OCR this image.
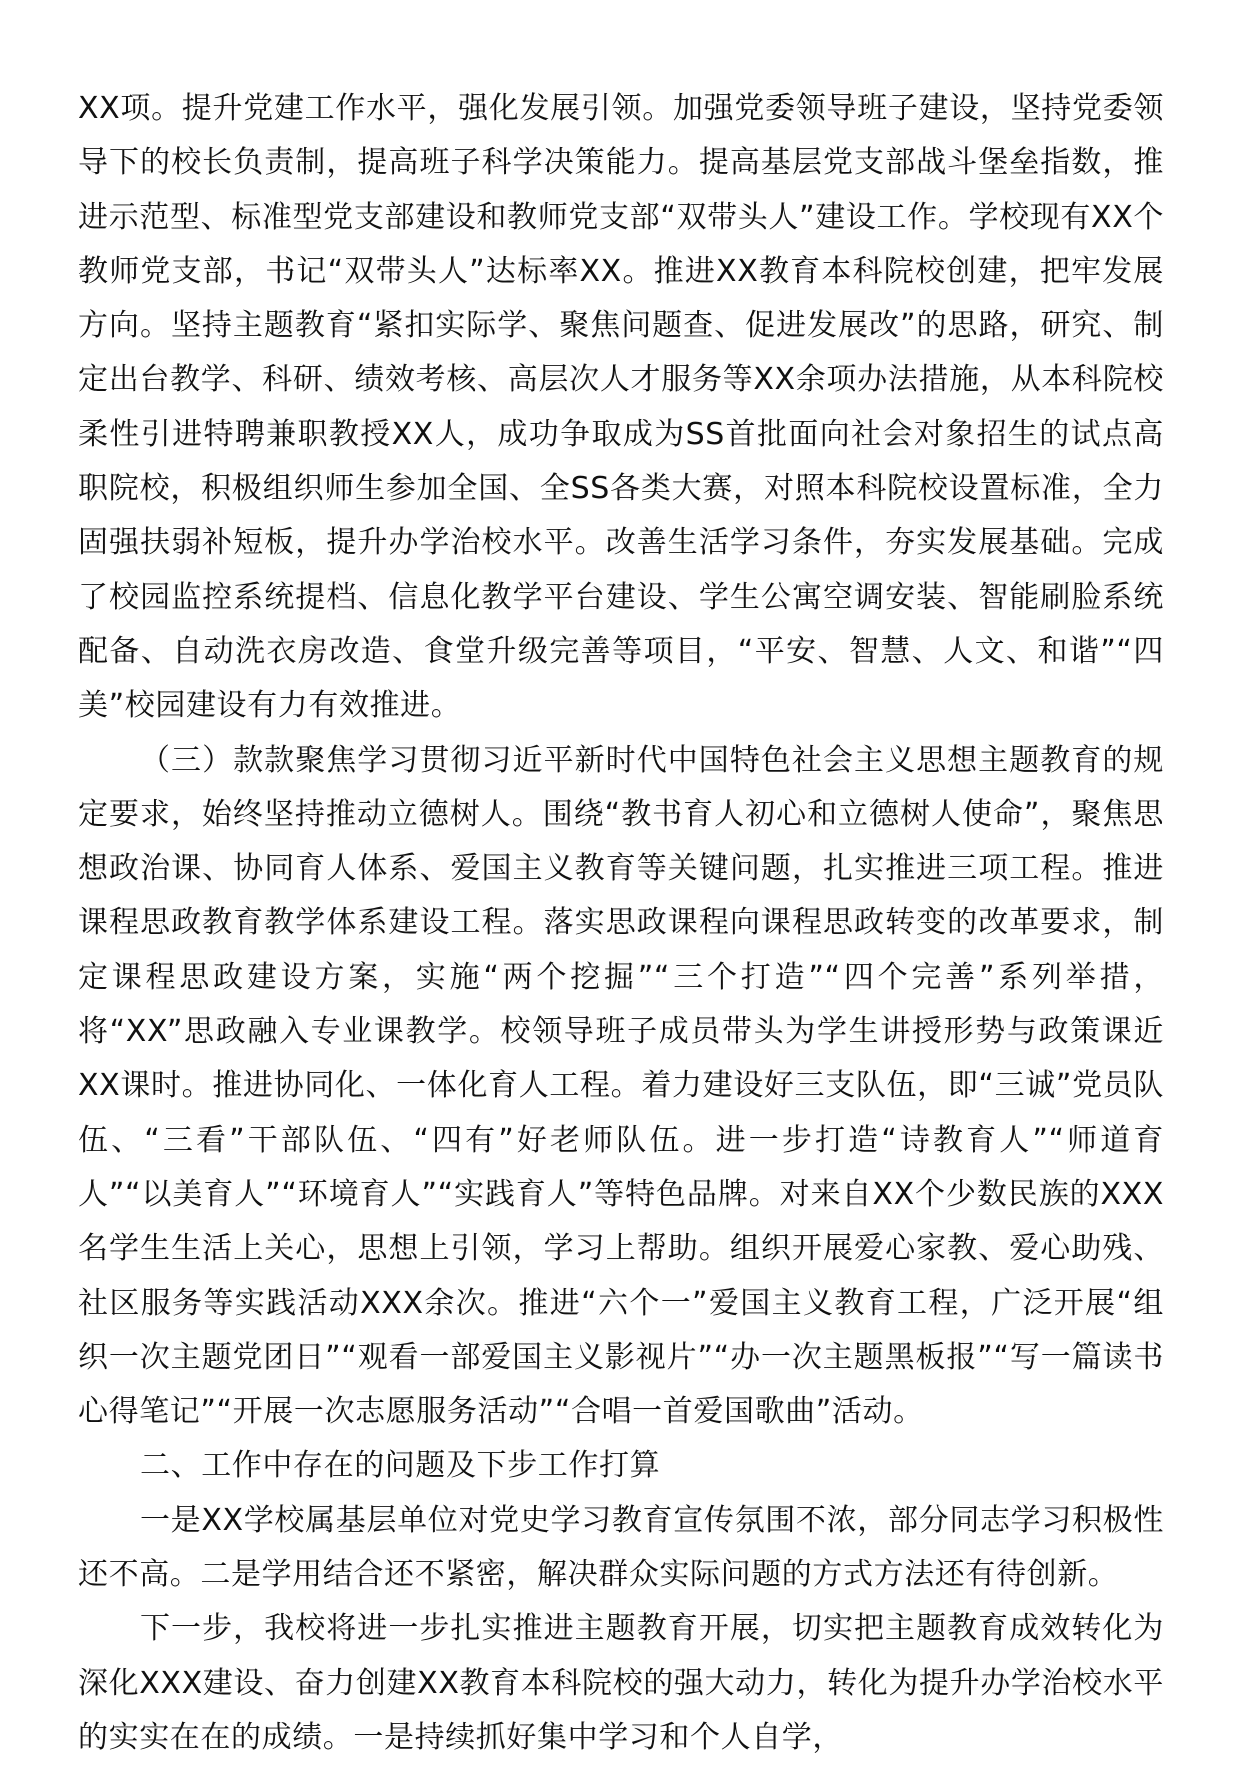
XX项。提升党建工作水平，强化发展引领。加强党委领导班子建设，坚持党委领导下的校长负责制，提高班子科学决策能力。提高基层党支部战斗堡垒指数，推进示范型、标准型党支部建设和教师党支部“双带头人”建设工作。学校现有XX个教师党支部，书记“双带头人”达标率XX。推进XX教育本科院校创建，把牢发展方向。坚持主题教育“紧扣实际学、聚焦问题查、促进发展改”的思路，研究、制定出台教学、科研、绩效考核、高层次人才服务等XX余项办法措施，从本科院校柔性引进特聘兼职教授XX人，成功争取成为SS首批面向社会对象招生的试点高职院校，积极组织师生参加全国、全SS各类大赛，对照本科院校设置标准，全力固强扶弱补短板，提升办学治校水平。改善生活学习条件，夯实发展基础。完成了校园监控系统提档、信息化教学平台建设、学生公寓空调安装、智能刷脸系统配备、自动洗衣房改造、食堂升级完善等项目，“平安、智慧、人文、和谐”“四美”校园建设有力有效推进。

（三）款款聚焦学习贯彻习近平新时代中国特色社会主义思想主题教育的规定要求，始终坚持推动立德树人。围绕“教书育人初心和立德树人使命”，聚焦思想政治课、协同育人体系、爱国主义教育等关键问题，扎实推进三项工程。推进课程思政教育教学体系建设工程。落实思政课程向课程思政转变的改革要求，制定课程思政建设方案，实施“两个挖掘”“三个打造”“四个完善”系列举措，将“XX”思政融入专业课教学。校领导班子成员带头为学生讲授形势与政策课近XX课时。推进协同化、一体化育人工程。着力建设好三支队伍，即“三诚”党员队伍、“三看”干部队伍、“四有”好老师队伍。进一步打造“诗教育人”“师道育人”“以美育人”“环境育人”“实践育人”等特色品牌。对来自XX个少数民族的XXX名学生生活上关心，思想上引领，学习上帮助。组织开展爱心家教、爱心助残、社区服务等实践活动XXX余次。推进“六个一”爱国主义教育工程，广泛开展“组织一次主题党团日”“观看一部爱国主义影视片”“办一次主题黑板报”“写一篇读书心得笔记”“开展一次志愿服务活动”“合唱一首爱国歌曲”活动。

二、工作中存在的问题及下步工作打算

一是XX学校属基层单位对党史学习教育宣传氛围不浓，部分同志学习积极性还不高。二是学用结合还不紧密，解决群众实际问题的方式方法还有待创新。

下一步，我校将进一步扎实推进主题教育开展，切实把主题教育成效转化为深化XXX建设、奋力创建XX教育本科院校的强大动力，转化为提升办学治校水平的实实在在的成绩。一是持续抓好集中学习和个人自学，
